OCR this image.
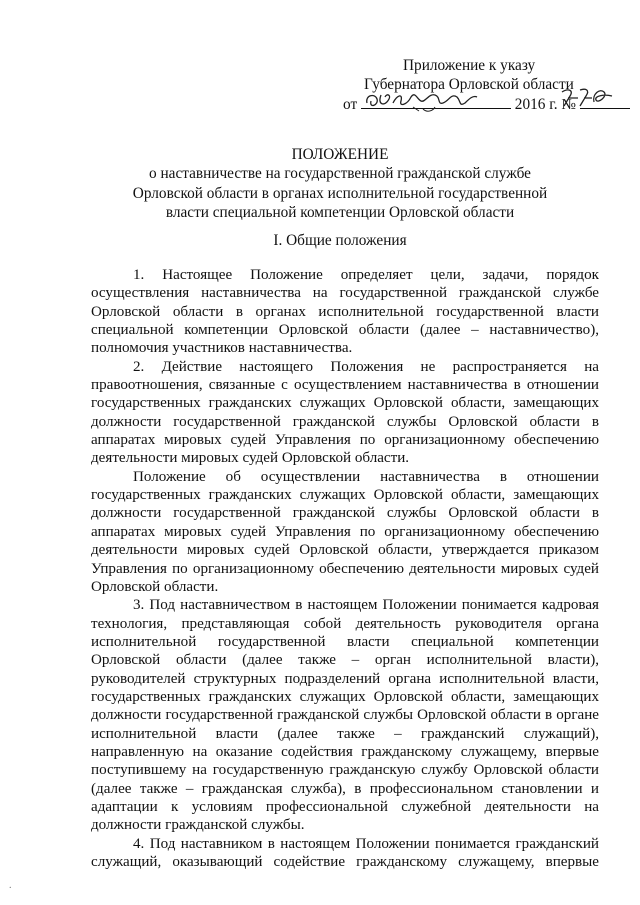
Приложение к указу
Губернатора Орловской области
от	2016 г. №
ПОЛОЖЕНИЕ
о наставничестве на государственной гражданской службе
Орловской области в органах исполнительной государственной
власти специальной компетенции Орловской области
I. Общие положения

1. Настоящее Положение определяет цели, задачи, порядок осуществления наставничества на государственной гражданской службе Орловской области в органах исполнительной государственной власти специальной компетенции Орловской области (далее – наставничество), полномочия участников наставничества.

2. Действие настоящего Положения не распространяется на правоотношения, связанные с осуществлением наставничества в отношении государственных гражданских служащих Орловской области, замещающих должности государственной гражданской службы Орловской области в аппаратах мировых судей Управления по организационному обеспечению деятельности мировых судей Орловской области.

Положение об осуществлении наставничества в отношении государственных гражданских служащих Орловской области, замещающих должности государственной гражданской службы Орловской области в аппаратах мировых судей Управления по организационному обеспечению деятельности мировых судей Орловской области, утверждается приказом Управления по организационному обеспечению деятельности мировых судей Орловской области.

3. Под наставничеством в настоящем Положении понимается кадровая технология, представляющая собой деятельность руководителя органа исполнительной государственной власти специальной компетенции Орловской области (далее также – орган исполнительной власти), руководителей структурных подразделений органа исполнительной власти, государственных гражданских служащих Орловской области, замещающих должности государственной гражданской службы Орловской области в органе исполнительной власти (далее также – гражданский служащий), направленную на оказание содействия гражданскому служащему, впервые поступившему на государственную гражданскую службу Орловской области (далее также – гражданская служба), в профессиональном становлении и адаптации к условиям профессиональной служебной деятельности на должности гражданской службы.

4. Под наставником в настоящем Положении понимается гражданский служащий, оказывающий содействие гражданскому служащему, впервые

.
